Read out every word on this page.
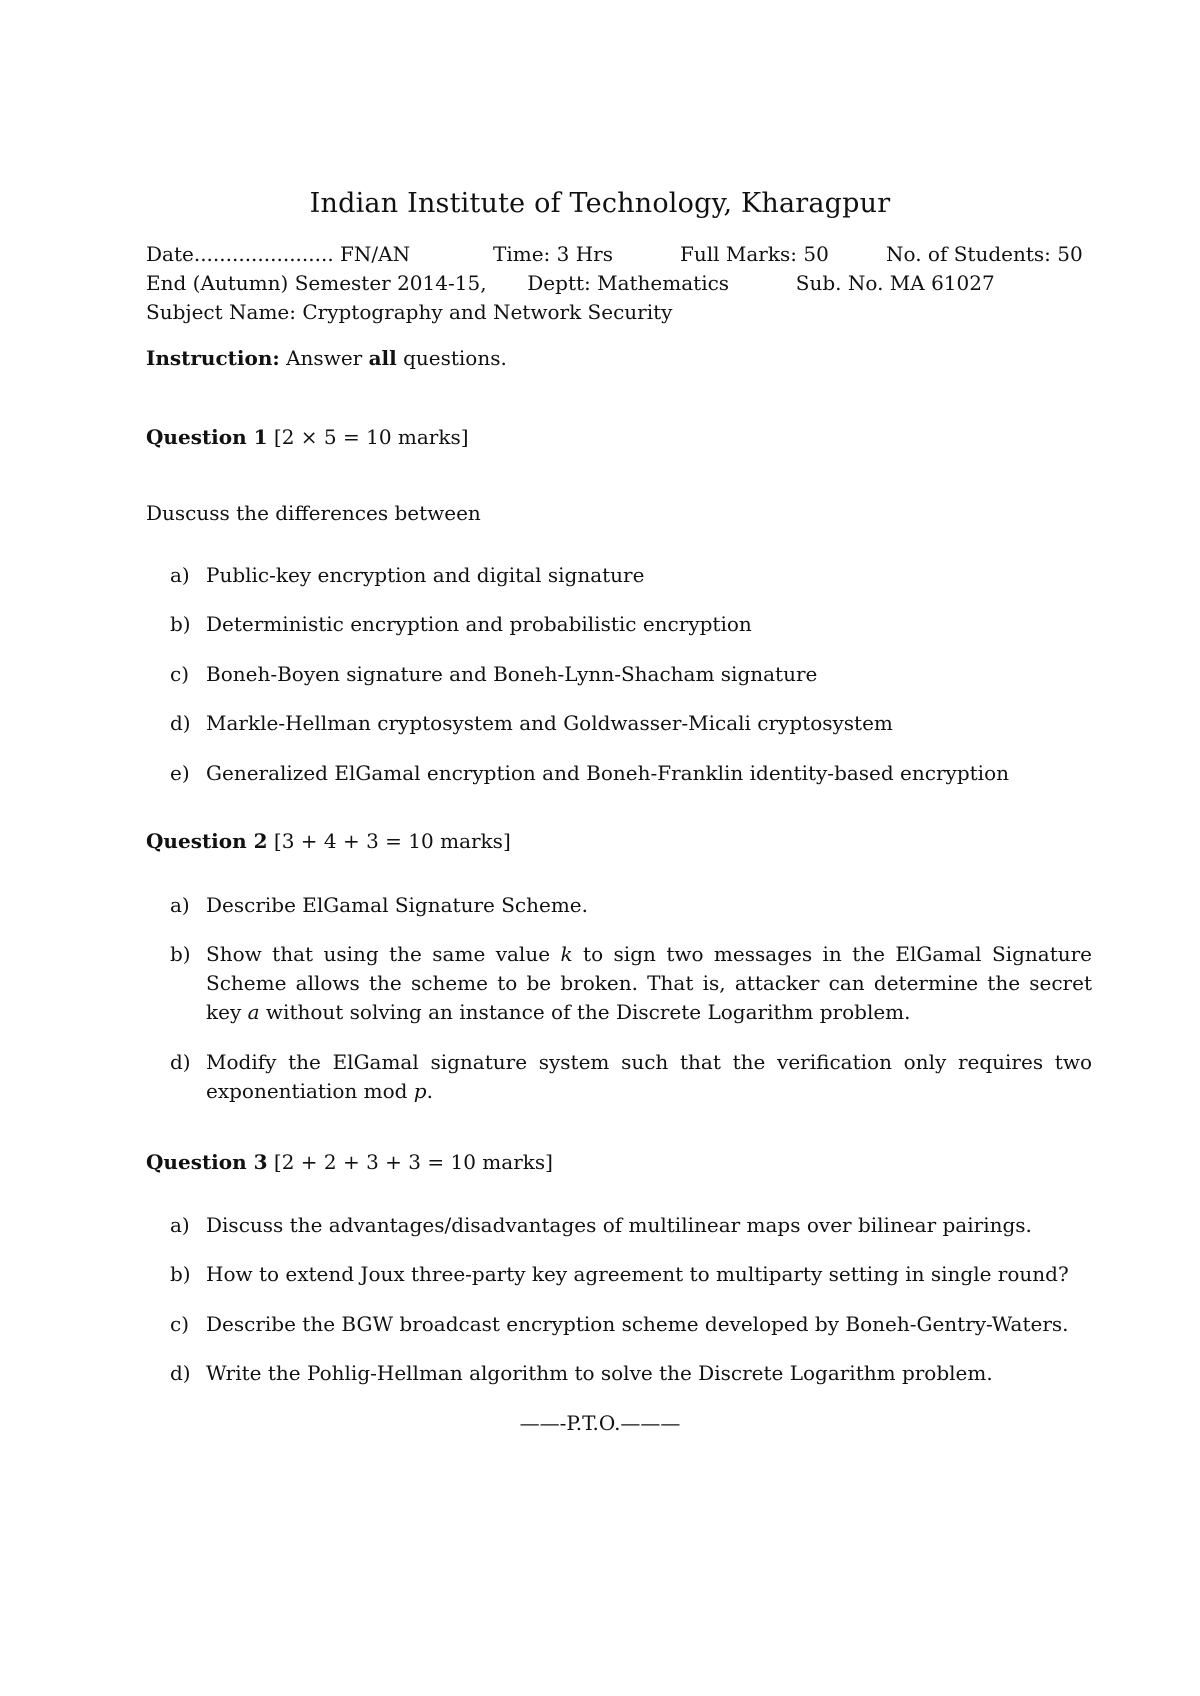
Indian Institute of Technology, Kharagpur
Date...................... FN/AN	Time: 3 Hrs	Full Marks: 50	No. of Students: 50
End (Autumn) Semester 2014-15, Deptt: Mathematics	Sub. No. MA 61027
Subject Name: Cryptography and Network Security
Instruction: Answer all questions.
Question 1 [2 × 5 = 10 marks]
Duscuss the differences between
a) Public-key encryption and digital signature
b) Deterministic encryption and probabilistic encryption
c) Boneh-Boyen signature and Boneh-Lynn-Shacham signature
d) Markle-Hellman cryptosystem and Goldwasser-Micali cryptosystem
e) Generalized ElGamal encryption and Boneh-Franklin identity-based encryption
Question 2 [3 + 4 + 3 = 10 marks]
a) Describe ElGamal Signature Scheme.
b) Show that using the same value k to sign two messages in the ElGamal Signature Scheme allows the scheme to be broken. That is, attacker can determine the secret key a without solving an instance of the Discrete Logarithm problem.
d) Modify the ElGamal signature system such that the verification only requires two exponentiation mod p.
Question 3 [2 + 2 + 3 + 3 = 10 marks]
a) Discuss the advantages/disadvantages of multilinear maps over bilinear pairings.
b) How to extend Joux three-party key agreement to multiparty setting in single round?
c) Describe the BGW broadcast encryption scheme developed by Boneh-Gentry-Waters.
d) Write the Pohlig-Hellman algorithm to solve the Discrete Logarithm problem.
——-P.T.O.———
